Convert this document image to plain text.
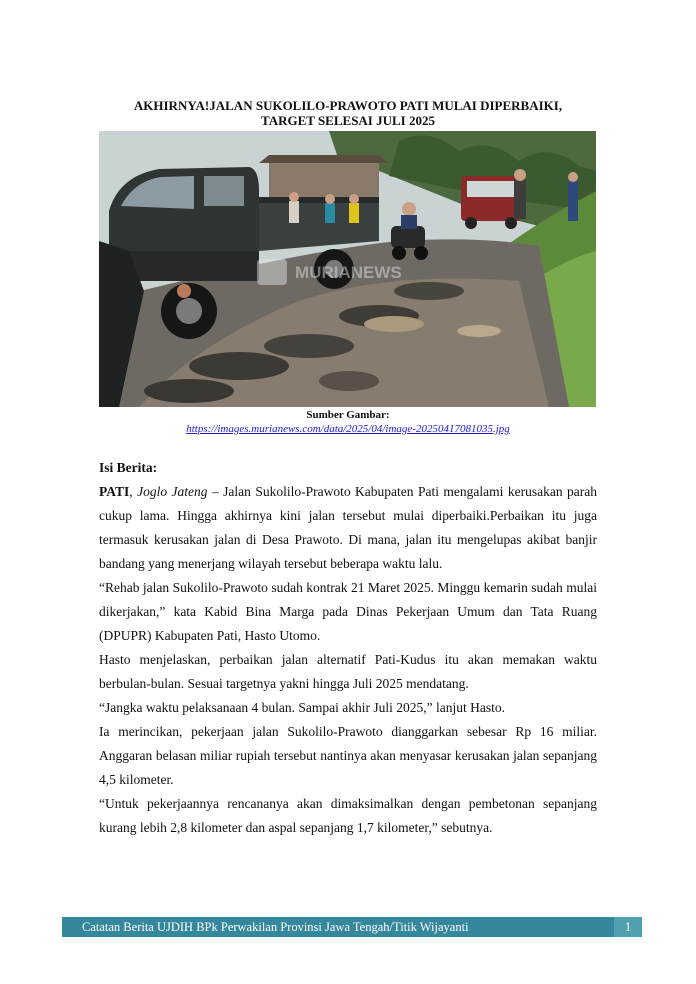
AKHIRNYA!JALAN SUKOLILO-PRAWOTO PATI MULAI DIPERBAIKI,
TARGET SELESAI JULI 2025
MURIANEWS
Sumber Gambar:
https://images.murianews.com/data/2025/04/image-20250417081035.jpg
Isi Berita:

PATI, Joglo Jateng – Jalan Sukolilo-Prawoto Kabupaten Pati mengalami kerusakan parah cukup lama. Hingga akhirnya kini jalan tersebut mulai diperbaiki.Perbaikan itu juga termasuk kerusakan jalan di Desa Prawoto. Di mana, jalan itu mengelupas akibat banjir bandang yang menerjang wilayah tersebut beberapa waktu lalu.

“Rehab jalan Sukolilo-Prawoto sudah kontrak 21 Maret 2025. Minggu kemarin sudah mulai dikerjakan,” kata Kabid Bina Marga pada Dinas Pekerjaan Umum dan Tata Ruang (DPUPR) Kabupaten Pati, Hasto Utomo.

Hasto menjelaskan, perbaikan jalan alternatif Pati-Kudus itu akan memakan waktu berbulan-bulan. Sesuai targetnya yakni hingga Juli 2025 mendatang.

“Jangka waktu pelaksanaan 4 bulan. Sampai akhir Juli 2025,” lanjut Hasto.

Ia merincikan, pekerjaan jalan Sukolilo-Prawoto dianggarkan sebesar Rp 16 miliar. Anggaran belasan miliar rupiah tersebut nantinya akan menyasar kerusakan jalan sepanjang 4,5 kilometer.

“Untuk pekerjaannya rencananya akan dimaksimalkan dengan pembetonan sepanjang kurang lebih 2,8 kilometer dan aspal sepanjang 1,7 kilometer,” sebutnya.

Catatan Berita UJDIH BPk Perwakilan Provinsi Jawa Tengah/Titik Wijayanti	1
